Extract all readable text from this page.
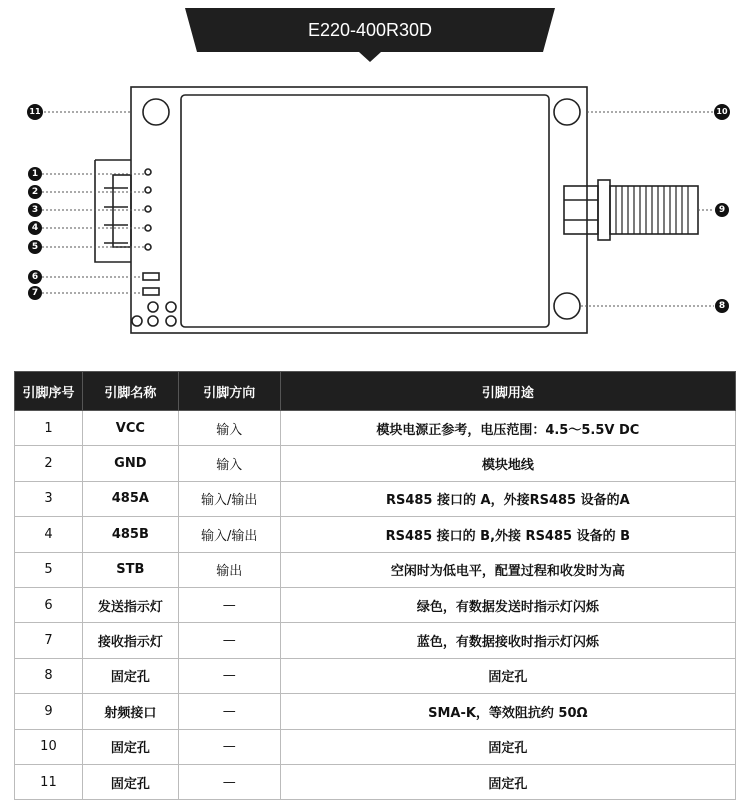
E220-400R30D
11
1
2
3
4
5
6
7
10
9
8
引脚序号	引脚名称	引脚方向	引脚用途
1	VCC	输入	模块电源正参考，电压范围：4.5～5.5V DC
2	GND	输入	模块地线
3	485A	输入/输出	RS485 接口的 A，外接RS485 设备的A
4	485B	输入/输出	RS485 接口的 B,外接 RS485 设备的 B
5	STB	输出	空闲时为低电平，配置过程和收发时为高
6	发送指示灯	—	绿色，有数据发送时指示灯闪烁
7	接收指示灯	—	蓝色，有数据接收时指示灯闪烁
8	固定孔	—	固定孔
9	射频接口	—	SMA-K，等效阻抗约 50Ω
10	固定孔	—	固定孔
11	固定孔	—	固定孔
